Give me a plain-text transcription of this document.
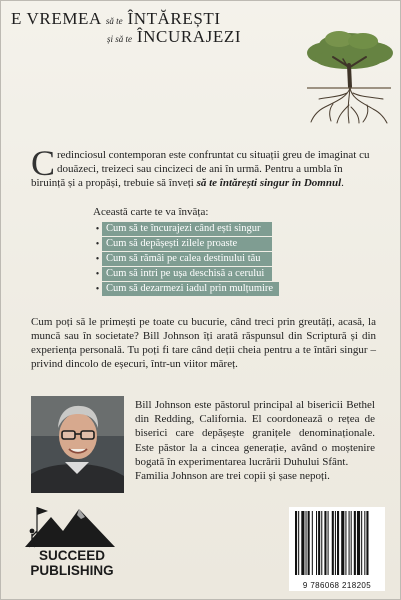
E VREMEA să te ÎNTĂREȘTI
și să te ÎNCURAJEZI
Credinciosul contemporan este confruntat cu situații greu de imaginat cu douăzeci, treizeci sau cincizeci de ani în urmă. Pentru a umbla în biruință și a propăși, trebuie să înveți să te întărești singur în Domnul.
Această carte te va învăța:
• Cum să te încurajezi când ești singur
• Cum să depășești zilele proaste
• Cum să rămâi pe calea destinului tău
• Cum să intri pe ușa deschisă a cerului
• Cum să dezarmezi iadul prin mulțumire
Cum poți să le primești pe toate cu bucurie, când treci prin greutăți, acasă, la muncă sau în societate? Bill Johnson îți arată răspunsul din Scriptură și din experiența personală. Tu poți fi tare când deții cheia pentru a te întări singur – privind dincolo de eșecuri, într-un viitor măreț.
Bill Johnson este păstorul principal al bisericii Bethel din Redding, California. El coordonează o rețea de biserici care depășește granițele denominaționale. Este păstor la a cincea generație, având o moștenire bogată în experimentarea lucrării Duhului Sfânt.
Familia Johnson are trei copii și șase nepoți.
SUCCEED
PUBLISHING
9 786068 218205
